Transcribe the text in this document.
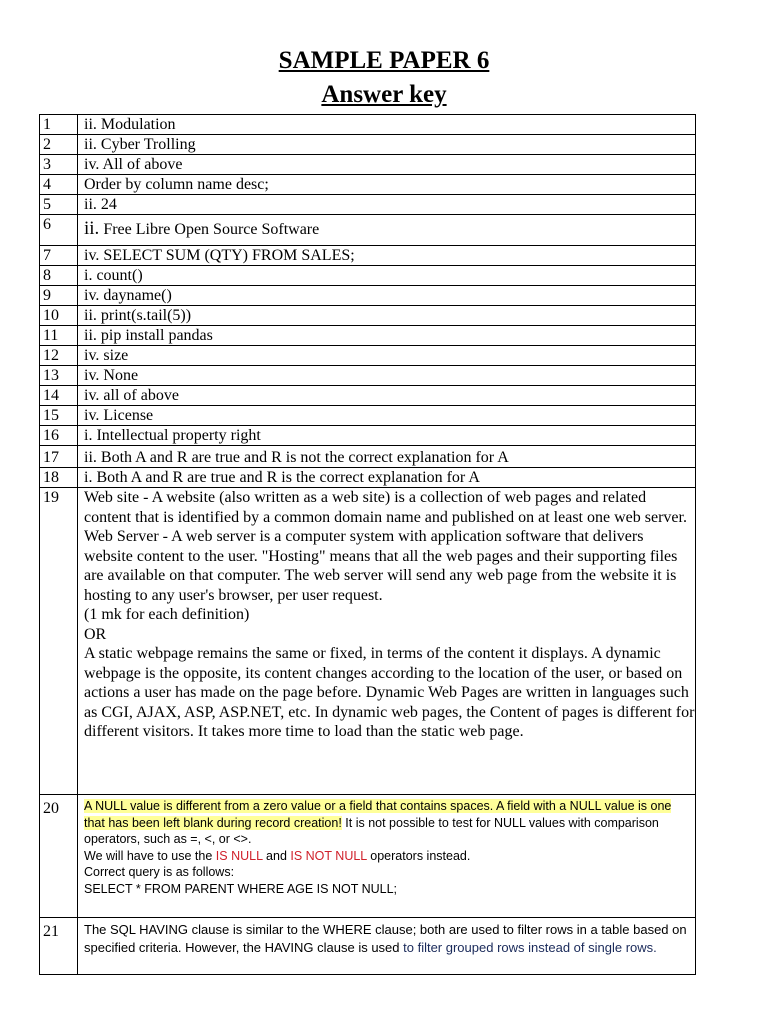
SAMPLE PAPER 6
Answer key
1	ii. Modulation
2	ii. Cyber Trolling
3	iv. All of above
4	Order by column name desc;
5	ii. 24
6	ii. Free Libre Open Source Software
7	iv. SELECT SUM (QTY) FROM SALES;
8	i. count()
9	iv. dayname()
10	ii. print(s.tail(5))
11	ii. pip install pandas
12	iv. size
13	iv. None
14	iv. all of above
15	iv. License
16	i. Intellectual property right
17	ii. Both A and R are true and R is not the correct explanation for A
18	i. Both A and R are true and R is the correct explanation for A
19	Web site - A website (also written as a web site) is a collection of web pages and related content that is identified by a common domain name and published on at least one web server.
Web Server - A web server is a computer system with application software that delivers website content to the user. "Hosting" means that all the web pages and their supporting files are available on that computer. The web server will send any web page from the website it is hosting to any user's browser, per user request.
(1 mk for each definition)
OR
A static webpage remains the same or fixed, in terms of the content it displays. A dynamic webpage is the opposite, its content changes according to the location of the user, or based on actions a user has made on the page before. Dynamic Web Pages are written in languages such as CGI, AJAX, ASP, ASP.NET, etc. In dynamic web pages, the Content of pages is different for different visitors. It takes more time to load than the static web page.

20	A NULL value is different from a zero value or a field that contains spaces. A field with a NULL value is one that has been left blank during record creation! It is not possible to test for NULL values with comparison operators, such as =, <, or <>.
We will have to use the IS NULL and IS NOT NULL operators instead.
Correct query is as follows:
SELECT * FROM PARENT WHERE AGE IS NOT NULL;

21	The SQL HAVING clause is similar to the WHERE clause; both are used to filter rows in a table based on specified criteria. However, the HAVING clause is used to filter grouped rows instead of single rows.
